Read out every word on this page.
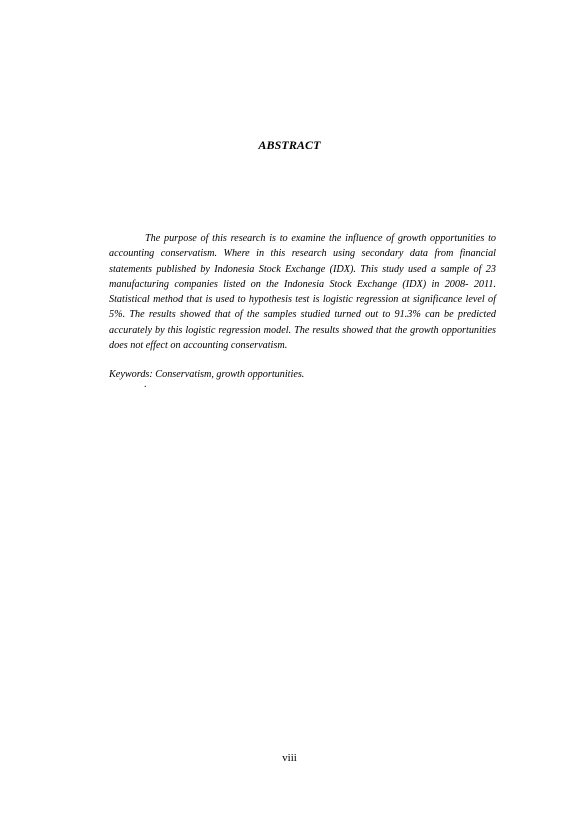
ABSTRACT

The purpose of this research is to examine the influence of growth opportunities to accounting conservatism. Where in this research using secondary data from financial statements published by Indonesia Stock Exchange (IDX). This study used a sample of 23 manufacturing companies listed on the Indonesia Stock Exchange (IDX) in 2008- 2011. Statistical method that is used to hypothesis test is logistic regression at significance level of 5%. The results showed that of the samples studied turned out to 91.3% can be predicted accurately by this logistic regression model. The results showed that the growth opportunities does not effect on accounting conservatism.

Keywords: Conservatism, growth opportunities.

.
viii
